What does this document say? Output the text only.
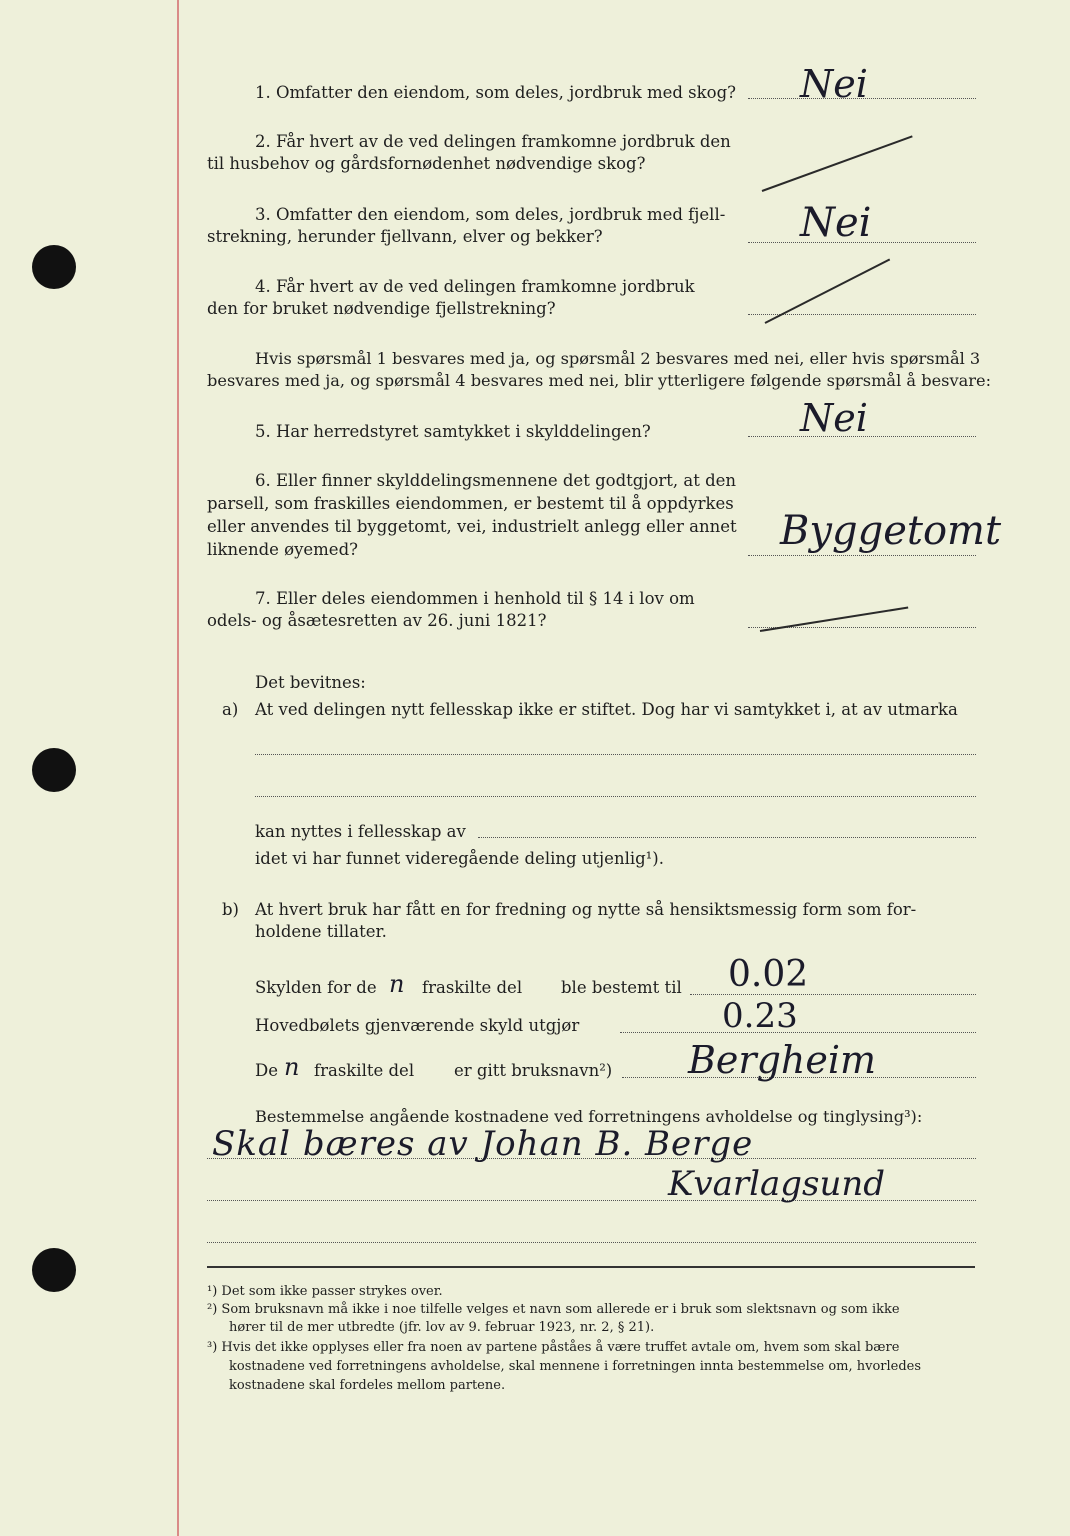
1. Omfatter den eiendom, som deles, jordbruk med skog? Nei
2. Får hvert av de ved delingen framkomne jordbruk den
til husbehov og gårdsfornødenhet nødvendige skog?
3. Omfatter den eiendom, som deles, jordbruk med fjell-
strekning, herunder fjellvann, elver og bekker?	Nei
4. Får hvert av de ved delingen framkomne jordbruk
den for bruket nødvendige fjellstrekning?
Hvis spørsmål 1 besvares med ja, og spørsmål 2 besvares med nei, eller hvis spørsmål 3
besvares med ja, og spørsmål 4 besvares med nei, blir ytterligere følgende spørsmål å besvare:
5. Har herredstyret samtykket i skylddelingen?	Nei
6. Eller finner skylddelingsmennene det godtgjort, at den
parsell, som fraskilles eiendommen, er bestemt til å oppdyrkes
eller anvendes til byggetomt, vei, industrielt anlegg eller annet
liknende øyemed?	Byggetomt
7. Eller deles eiendommen i henhold til § 14 i lov om
odels- og åsætesretten av 26. juni 1821?
Det bevitnes:
a) At ved delingen nytt fellesskap ikke er stiftet. Dog har vi samtykket i, at av utmarka
kan nyttes i fellesskap av
idet vi har funnet videregående deling utjenlig¹).
b) At hvert bruk har fått en for fredning og nytte så hensiktsmessig form som for-
holdene tillater.
Skylden for de n fraskilte del ble bestemt til 0.02
Hovedbølets gjenværende skyld utgjør	0.23
De n fraskilte del er gitt bruksnavn²) Bergheim
Bestemmelse angående kostnadene ved forretningens avholdelse og tinglysing³):
Skal bæres av Johan B. Berge
Kvarlagsund
¹) Det som ikke passer strykes over.
²) Som bruksnavn må ikke i noe tilfelle velges et navn som allerede er i bruk som slektsnavn og som ikke
hører til de mer utbredte (jfr. lov av 9. februar 1923, nr. 2, § 21).
³) Hvis det ikke opplyses eller fra noen av partene påståes å være truffet avtale om, hvem som skal bære
kostnadene ved forretningens avholdelse, skal mennene i forretningen innta bestemmelse om, hvorledes
kostnadene skal fordeles mellom partene.
